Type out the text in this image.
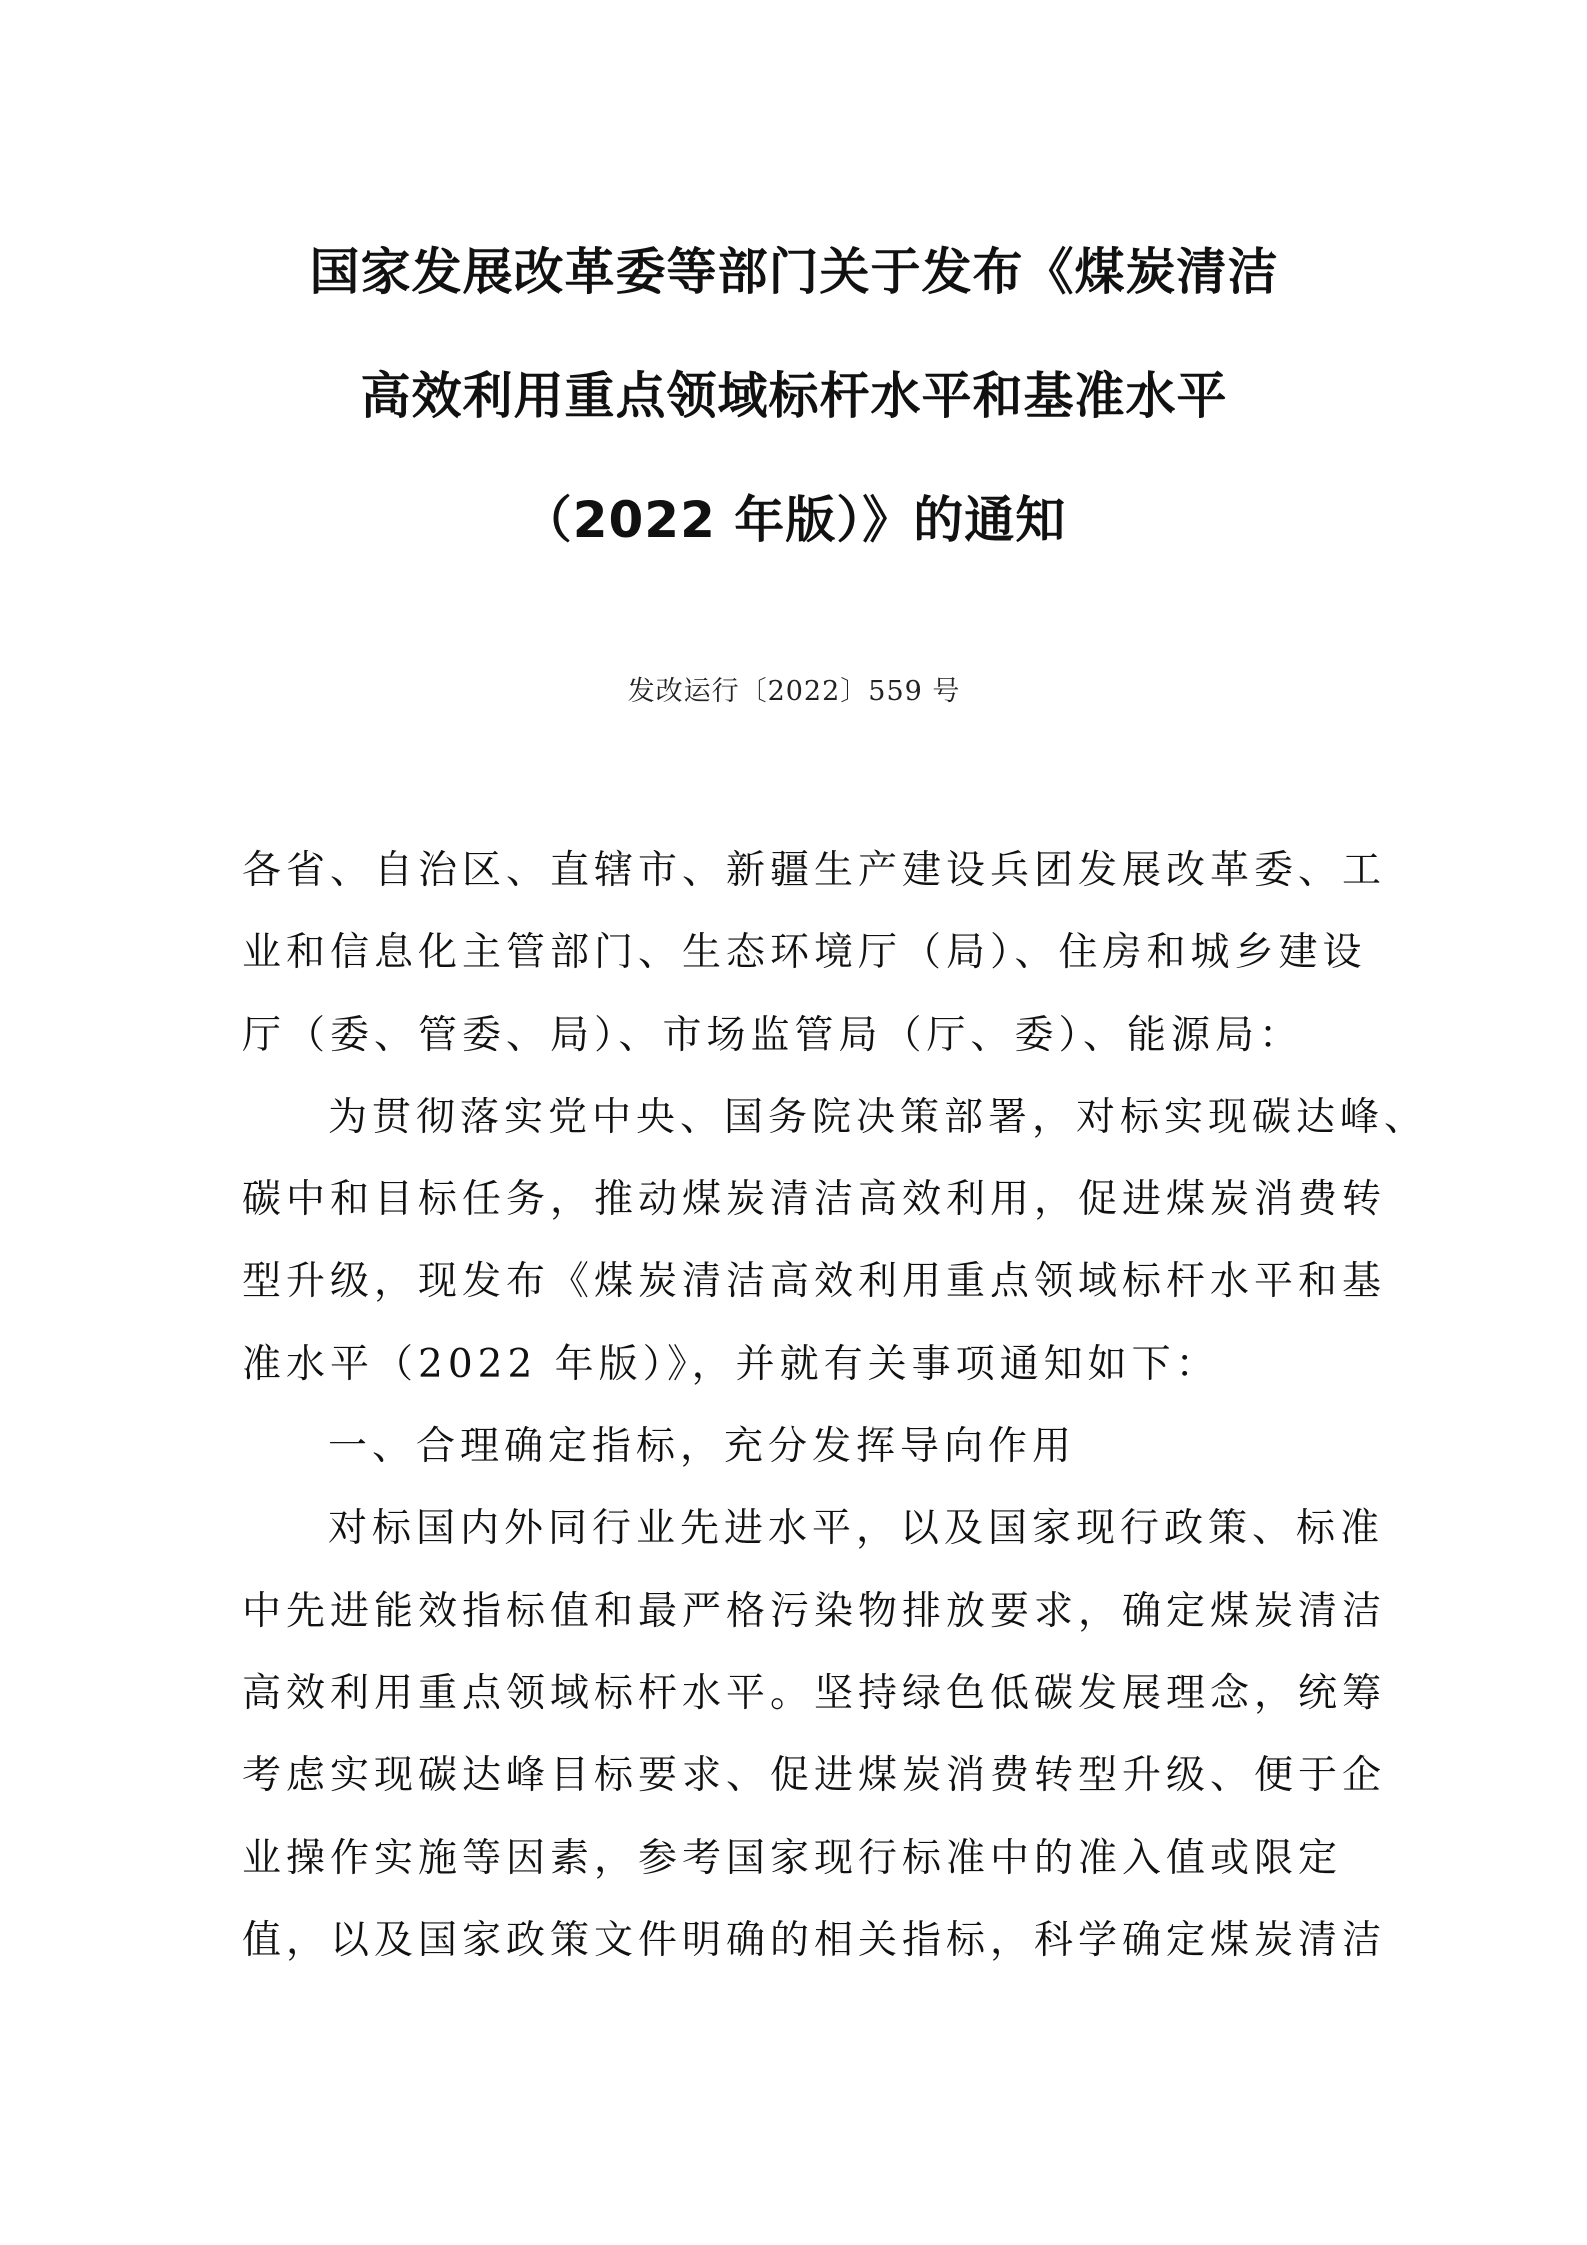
国家发展改革委等部门关于发布《煤炭清洁
高效利用重点领域标杆水平和基准水平
（2022 年版）》的通知
发改运行〔2022〕559 号
各省、自治区、直辖市、新疆生产建设兵团发展改革委、工
业和信息化主管部门、生态环境厅（局）、住房和城乡建设
厅（委、管委、局）、市场监管局（厅、委）、能源局：
为贯彻落实党中央、国务院决策部署，对标实现碳达峰、
碳中和目标任务，推动煤炭清洁高效利用，促进煤炭消费转
型升级，现发布《煤炭清洁高效利用重点领域标杆水平和基
准水平（2022 年版）》，并就有关事项通知如下：
一、合理确定指标，充分发挥导向作用
对标国内外同行业先进水平，以及国家现行政策、标准
中先进能效指标值和最严格污染物排放要求，确定煤炭清洁
高效利用重点领域标杆水平。坚持绿色低碳发展理念，统筹
考虑实现碳达峰目标要求、促进煤炭消费转型升级、便于企
业操作实施等因素，参考国家现行标准中的准入值或限定
值，以及国家政策文件明确的相关指标，科学确定煤炭清洁
